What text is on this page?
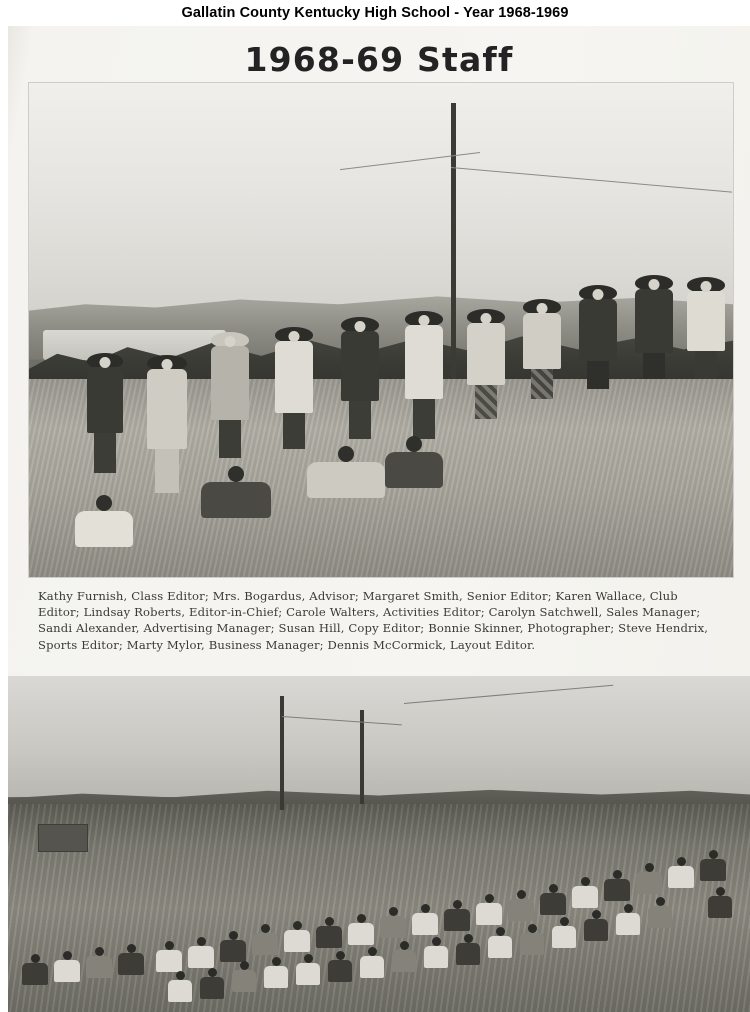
Gallatin County Kentucky High School - Year 1968-1969
1968-69 Staff
Kathy Furnish, Class Editor; Mrs. Bogardus, Advisor; Margaret Smith, Senior Editor; Karen Wallace, Club Editor; Lindsay Roberts, Editor-in-Chief; Carole Walters, Activities Editor; Carolyn Satchwell, Sales Manager; Sandi Alexander, Advertising Manager; Susan Hill, Copy Editor; Bonnie Skinner, Photographer; Steve Hendrix, Sports Editor; Marty Mylor, Business Manager; Dennis McCormick, Layout Editor.
